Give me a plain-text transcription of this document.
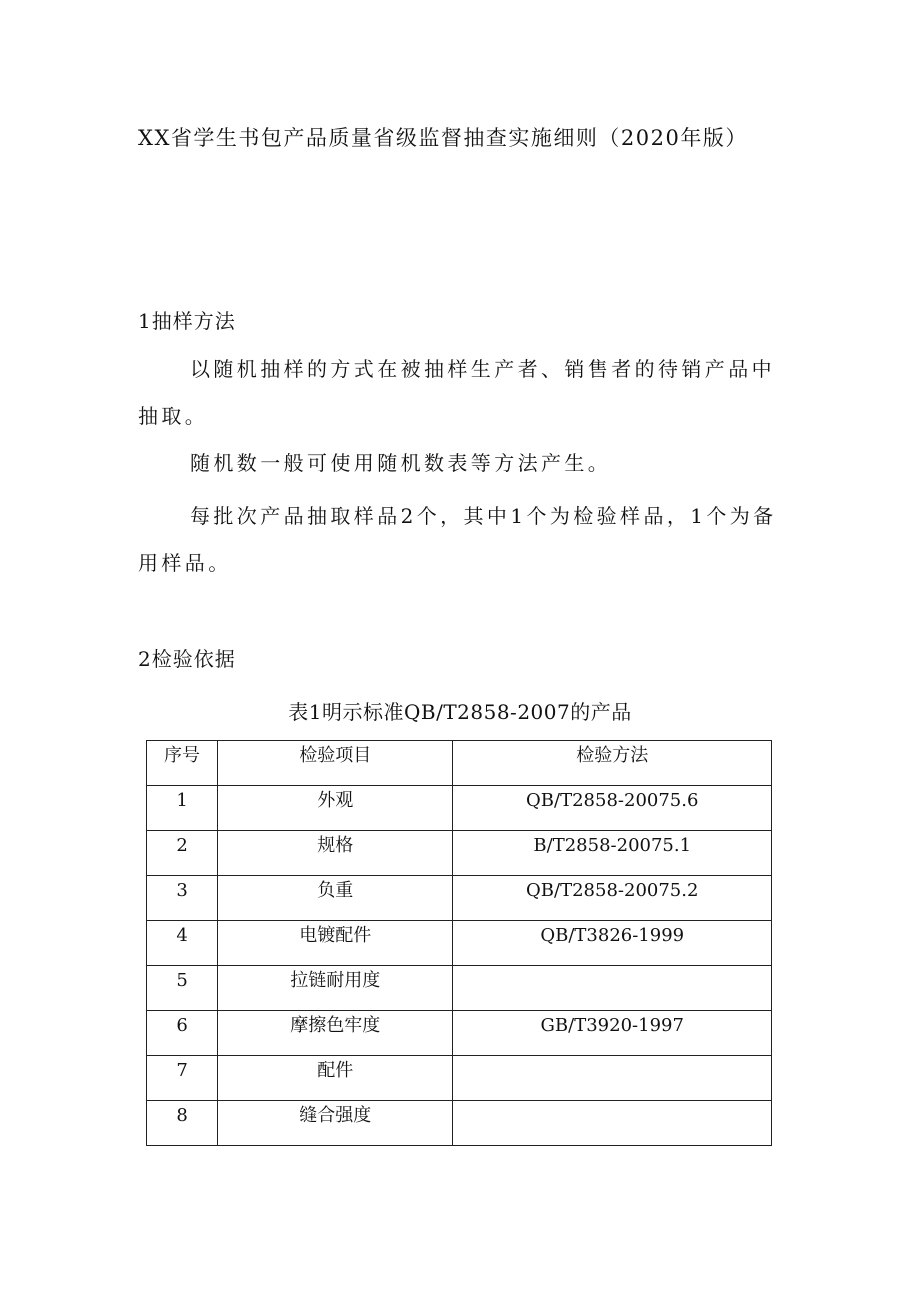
XX省学生书包产品质量省级监督抽查实施细则（2020年版）
1抽样方法

以随机抽样的方式在被抽样生产者、销售者的待销产品中抽取。

随机数一般可使用随机数表等方法产生。

每批次产品抽取样品2个，其中1个为检验样品，1个为备用样品。

2检验依据

表1明示标准QB/T2858-2007的产品

序号	检验项目	检验方法
1	外观	QB/T2858-20075.6
2	规格	B/T2858-20075.1
3	负重	QB/T2858-20075.2
4	电镀配件	QB/T3826-1999
5	拉链耐用度	
6	摩擦色牢度	GB/T3920-1997
7	配件	
8	缝合强度	
